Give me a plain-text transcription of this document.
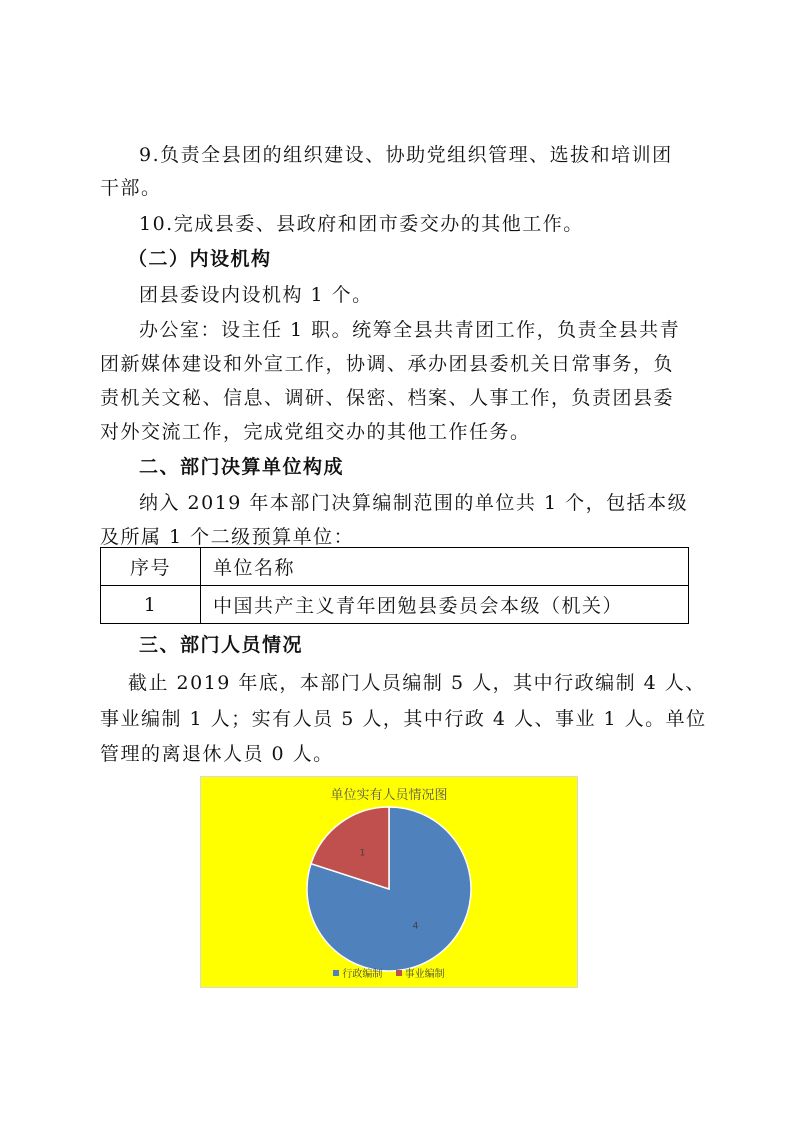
9.负责全县团的组织建设、协助党组织管理、选拔和培训团
干部。
10.完成县委、县政府和团市委交办的其他工作。
（二）内设机构
团县委设内设机构 1 个。
办公室：设主任 1 职。统筹全县共青团工作，负责全县共青
团新媒体建设和外宣工作，协调、承办团县委机关日常事务，负
责机关文秘、信息、调研、保密、档案、人事工作，负责团县委
对外交流工作，完成党组交办的其他工作任务。
二、部门决算单位构成
纳入 2019 年本部门决算编制范围的单位共 1 个，包括本级
及所属 1 个二级预算单位：
序号	单位名称
1	中国共产主义青年团勉县委员会本级（机关）
三、部门人员情况
截止 2019 年底，本部门人员编制 5 人，其中行政编制 4 人、
事业编制 1 人；实有人员 5 人，其中行政 4 人、事业 1 人。单位
管理的离退休人员 0 人。
单位实有人员情况图
4
1
行政编制 事业编制
